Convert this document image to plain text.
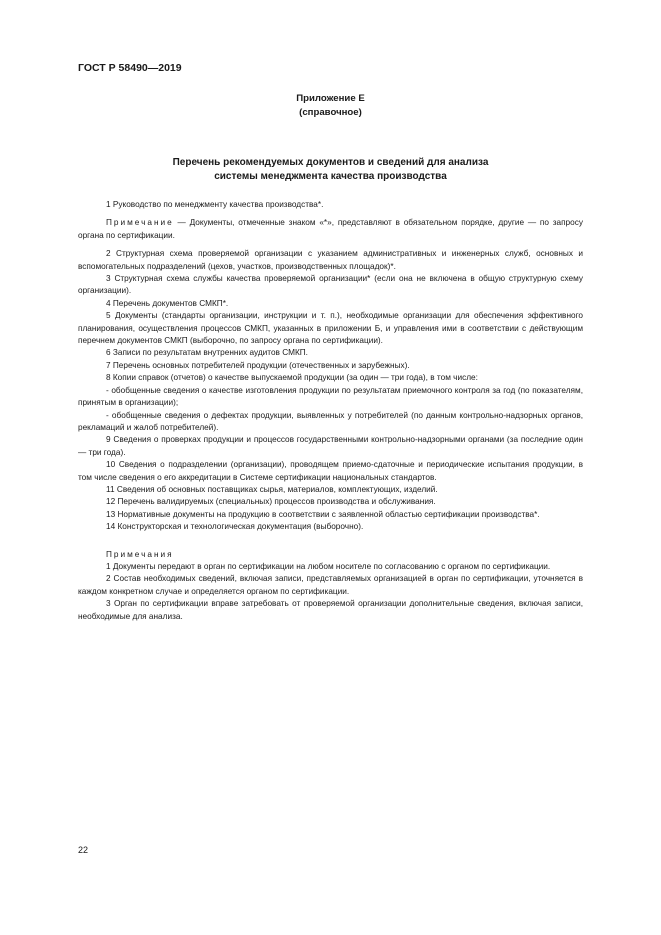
ГОСТ Р 58490—2019
Приложение Е
(справочное)
Перечень рекомендуемых документов и сведений для анализа
системы менеджмента качества производства

1 Руководство по менеджменту качества производства*.

Примечание — Документы, отмеченные знаком «*», представляют в обязательном порядке, другие — по запросу органа по сертификации.

2 Структурная схема проверяемой организации с указанием административных и инженерных служб, основных и вспомогательных подразделений (цехов, участков, производственных площадок)*.

3 Структурная схема службы качества проверяемой организации* (если она не включена в общую структурную схему организации).

4 Перечень документов СМКП*.

5 Документы (стандарты организации, инструкции и т. п.), необходимые организации для обеспечения эффективного планирования, осуществления процессов СМКП, указанных в приложении Б, и управления ими в соответствии с действующим перечнем документов СМКП (выборочно, по запросу органа по сертификации).

6 Записи по результатам внутренних аудитов СМКП.

7 Перечень основных потребителей продукции (отечественных и зарубежных).

8 Копии справок (отчетов) о качестве выпускаемой продукции (за один — три года), в том числе:

- обобщенные сведения о качестве изготовления продукции по результатам приемочного контроля за год (по показателям, принятым в организации);

- обобщенные сведения о дефектах продукции, выявленных у потребителей (по данным контрольно-надзорных органов, рекламаций и жалоб потребителей).

9 Сведения о проверках продукции и процессов государственными контрольно-надзорными органами (за последние один — три года).

10 Сведения о подразделении (организации), проводящем приемо-сдаточные и периодические испытания продукции, в том числе сведения о его аккредитации в Системе сертификации национальных стандартов.

11 Сведения об основных поставщиках сырья, материалов, комплектующих, изделий.

12 Перечень валидируемых (специальных) процессов производства и обслуживания.

13 Нормативные документы на продукцию в соответствии с заявленной областью сертификации производства*.

14 Конструкторская и технологическая документация (выборочно).

Примечания

1 Документы передают в орган по сертификации на любом носителе по согласованию с органом по сертификации.

2 Состав необходимых сведений, включая записи, представляемых организацией в орган по сертификации, уточняется в каждом конкретном случае и определяется органом по сертификации.

3 Орган по сертификации вправе затребовать от проверяемой организации дополнительные сведения, включая записи, необходимые для анализа.

22
